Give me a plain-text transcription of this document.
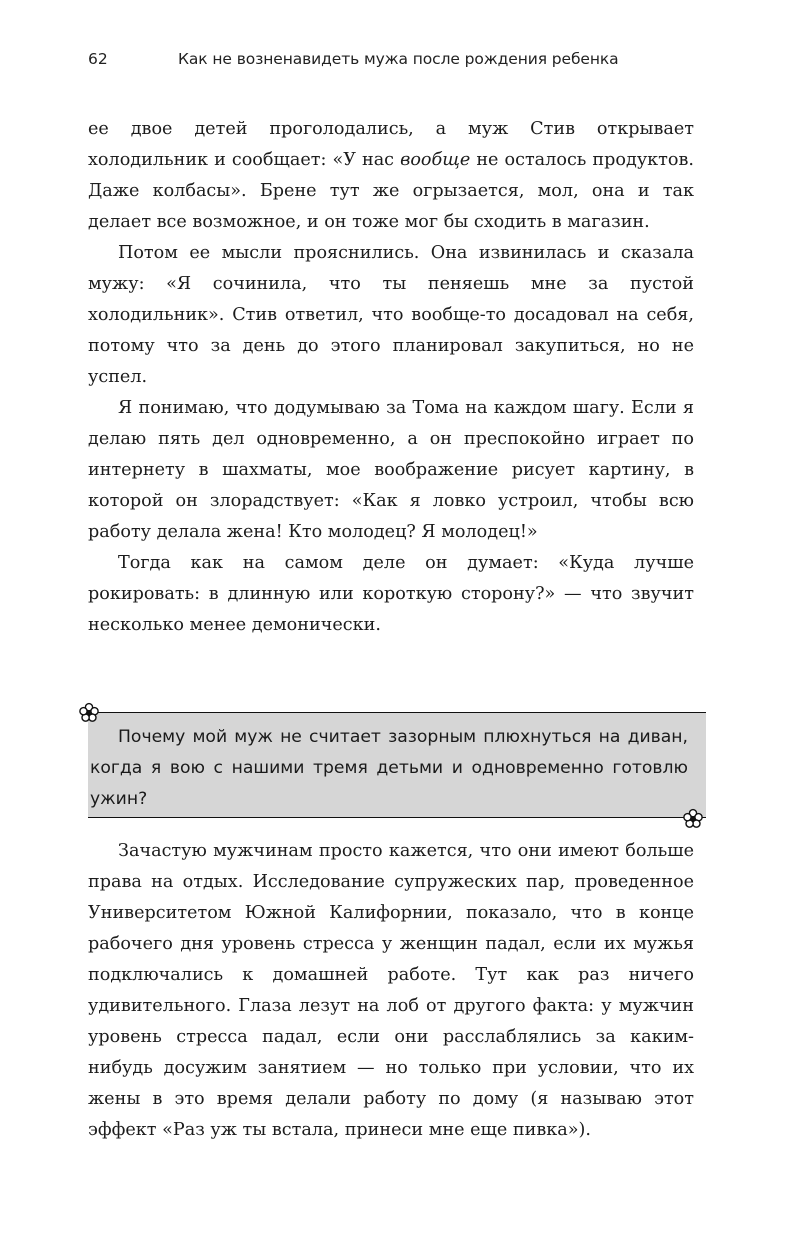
62	Как не возненавидеть мужа после рождения ребенка

ее двое детей проголодались, а муж Стив открывает холодильник и сообщает: «У нас вообще не осталось продуктов. Даже колбасы». Брене тут же огрызается, мол, она и так делает все возможное, и он тоже мог бы сходить в магазин.

Потом ее мысли прояснились. Она извинилась и сказала мужу: «Я сочинила, что ты пеняешь мне за пустой холодильник». Стив ответил, что вообще-то досадовал на себя, потому что за день до этого планировал закупиться, но не успел.

Я понимаю, что додумываю за Тома на каждом шагу. Если я делаю пять дел одновременно, а он преспокойно играет по интернету в шахматы, мое воображение рисует картину, в которой он злорадствует: «Как я ловко устроил, чтобы всю работу делала жена! Кто молодец? Я молодец!»

Тогда как на самом деле он думает: «Куда лучше рокировать: в длинную или короткую сторону?» — что звучит несколько менее демонически.

Почему мой муж не считает зазорным плюхнуться на диван, когда я вою с нашими тремя детьми и одновременно готовлю ужин?

Зачастую мужчинам просто кажется, что они имеют больше права на отдых. Исследование супружеских пар, проведенное Университетом Южной Калифорнии, показало, что в конце рабочего дня уровень стресса у женщин падал, если их мужья подключались к домашней работе. Тут как раз ничего удивительного. Глаза лезут на лоб от другого факта: у мужчин уровень стресса падал, если они расслаблялись за каким-нибудь досужим занятием — но только при условии, что их жены в это время делали работу по дому (я называю этот эффект «Раз уж ты встала, принеси мне еще пивка»).
